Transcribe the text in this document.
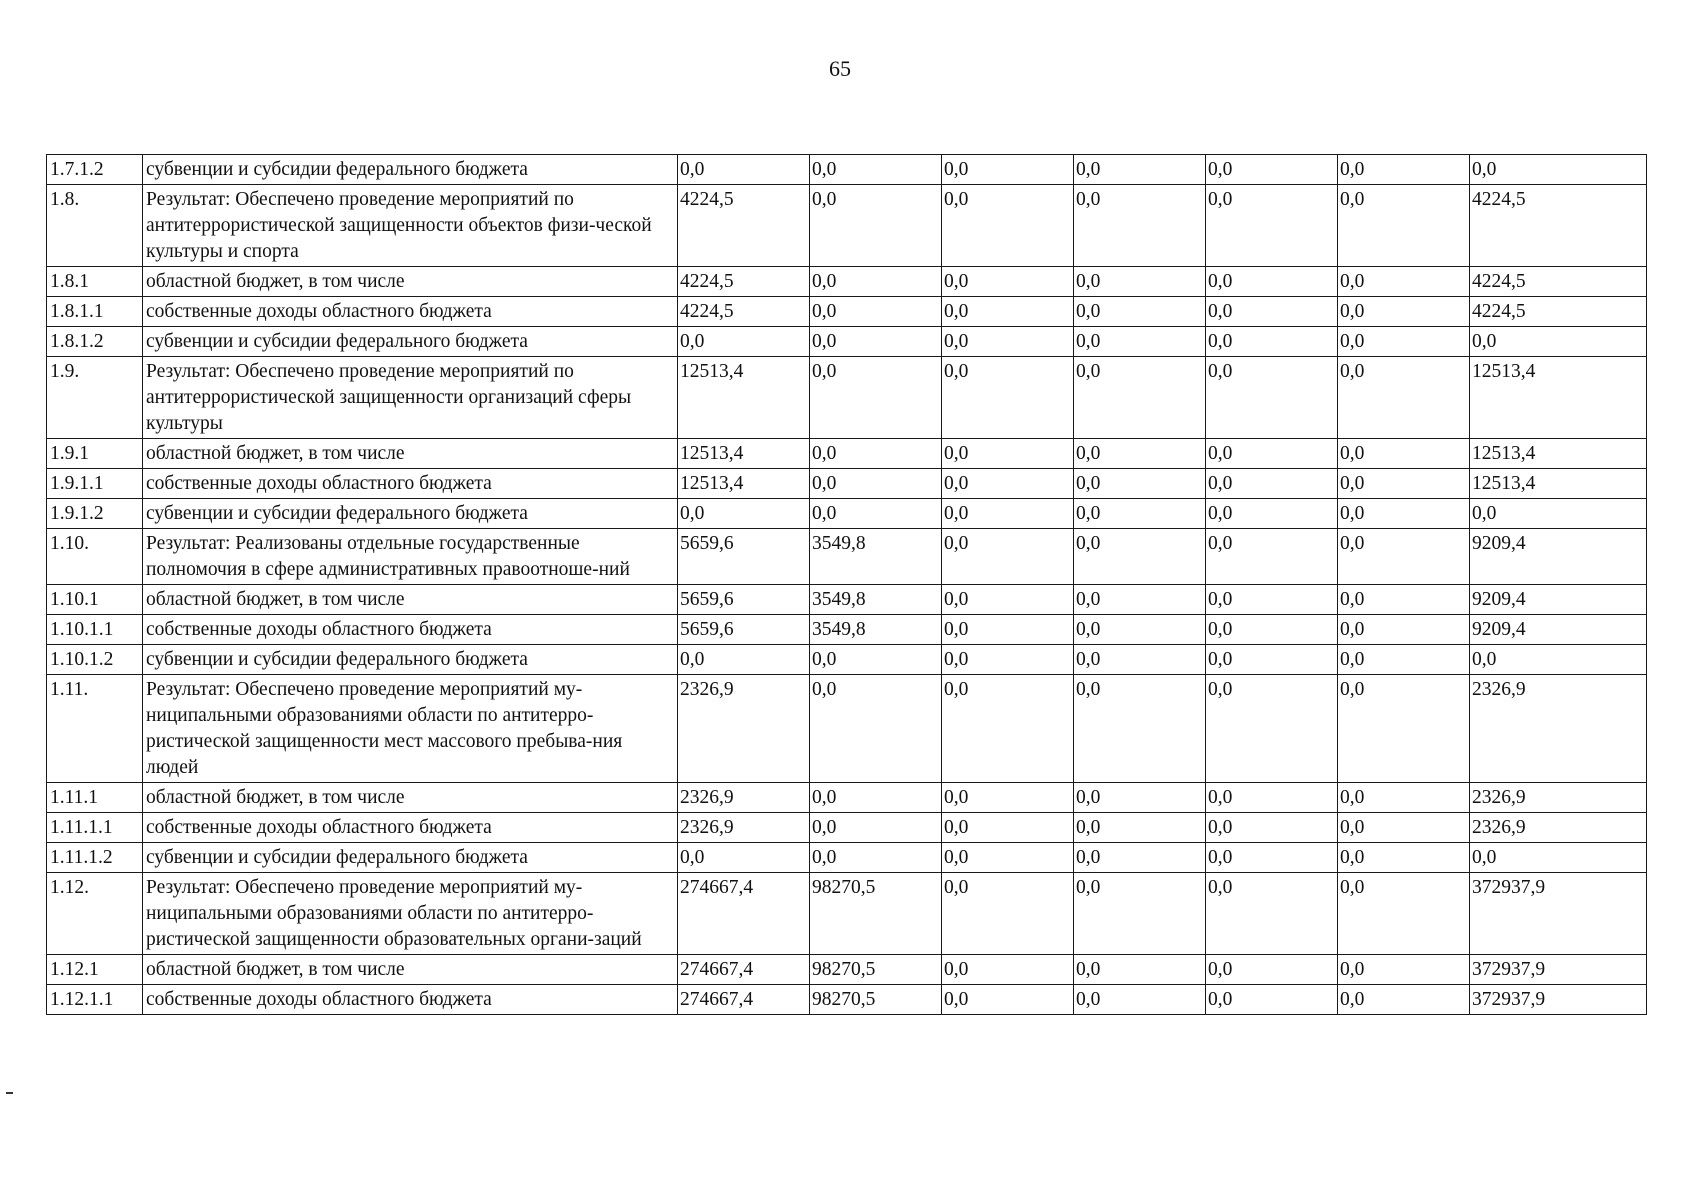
65
1.7.1.2	субвенции и субсидии федерального бюджета	0,0	0,0	0,0	0,0	0,0	0,0	0,0
1.8.	Результат: Обеспечено проведение мероприятий по антитеррористической защищенности объектов физи-ческой культуры и спорта	4224,5	0,0	0,0	0,0	0,0	0,0	4224,5
1.8.1	областной бюджет, в том числе	4224,5	0,0	0,0	0,0	0,0	0,0	4224,5
1.8.1.1	собственные доходы областного бюджета	4224,5	0,0	0,0	0,0	0,0	0,0	4224,5
1.8.1.2	субвенции и субсидии федерального бюджета	0,0	0,0	0,0	0,0	0,0	0,0	0,0
1.9.	Результат: Обеспечено проведение мероприятий по антитеррористической защищенности организаций сферы культуры	12513,4	0,0	0,0	0,0	0,0	0,0	12513,4
1.9.1	областной бюджет, в том числе	12513,4	0,0	0,0	0,0	0,0	0,0	12513,4
1.9.1.1	собственные доходы областного бюджета	12513,4	0,0	0,0	0,0	0,0	0,0	12513,4
1.9.1.2	субвенции и субсидии федерального бюджета	0,0	0,0	0,0	0,0	0,0	0,0	0,0
1.10.	Результат: Реализованы отдельные государственные полномочия в сфере административных правоотноше-ний	5659,6	3549,8	0,0	0,0	0,0	0,0	9209,4
1.10.1	областной бюджет, в том числе	5659,6	3549,8	0,0	0,0	0,0	0,0	9209,4
1.10.1.1	собственные доходы областного бюджета	5659,6	3549,8	0,0	0,0	0,0	0,0	9209,4
1.10.1.2	субвенции и субсидии федерального бюджета	0,0	0,0	0,0	0,0	0,0	0,0	0,0
1.11.	Результат: Обеспечено проведение мероприятий му-ниципальными образованиями области по антитерро-ристической защищенности мест массового пребыва-ния людей	2326,9	0,0	0,0	0,0	0,0	0,0	2326,9
1.11.1	областной бюджет, в том числе	2326,9	0,0	0,0	0,0	0,0	0,0	2326,9
1.11.1.1	собственные доходы областного бюджета	2326,9	0,0	0,0	0,0	0,0	0,0	2326,9
1.11.1.2	субвенции и субсидии федерального бюджета	0,0	0,0	0,0	0,0	0,0	0,0	0,0
1.12.	Результат: Обеспечено проведение мероприятий му-ниципальными образованиями области по антитерро-ристической защищенности образовательных органи-заций	274667,4	98270,5	0,0	0,0	0,0	0,0	372937,9
1.12.1	областной бюджет, в том числе	274667,4	98270,5	0,0	0,0	0,0	0,0	372937,9
1.12.1.1	собственные доходы областного бюджета	274667,4	98270,5	0,0	0,0	0,0	0,0	372937,9
